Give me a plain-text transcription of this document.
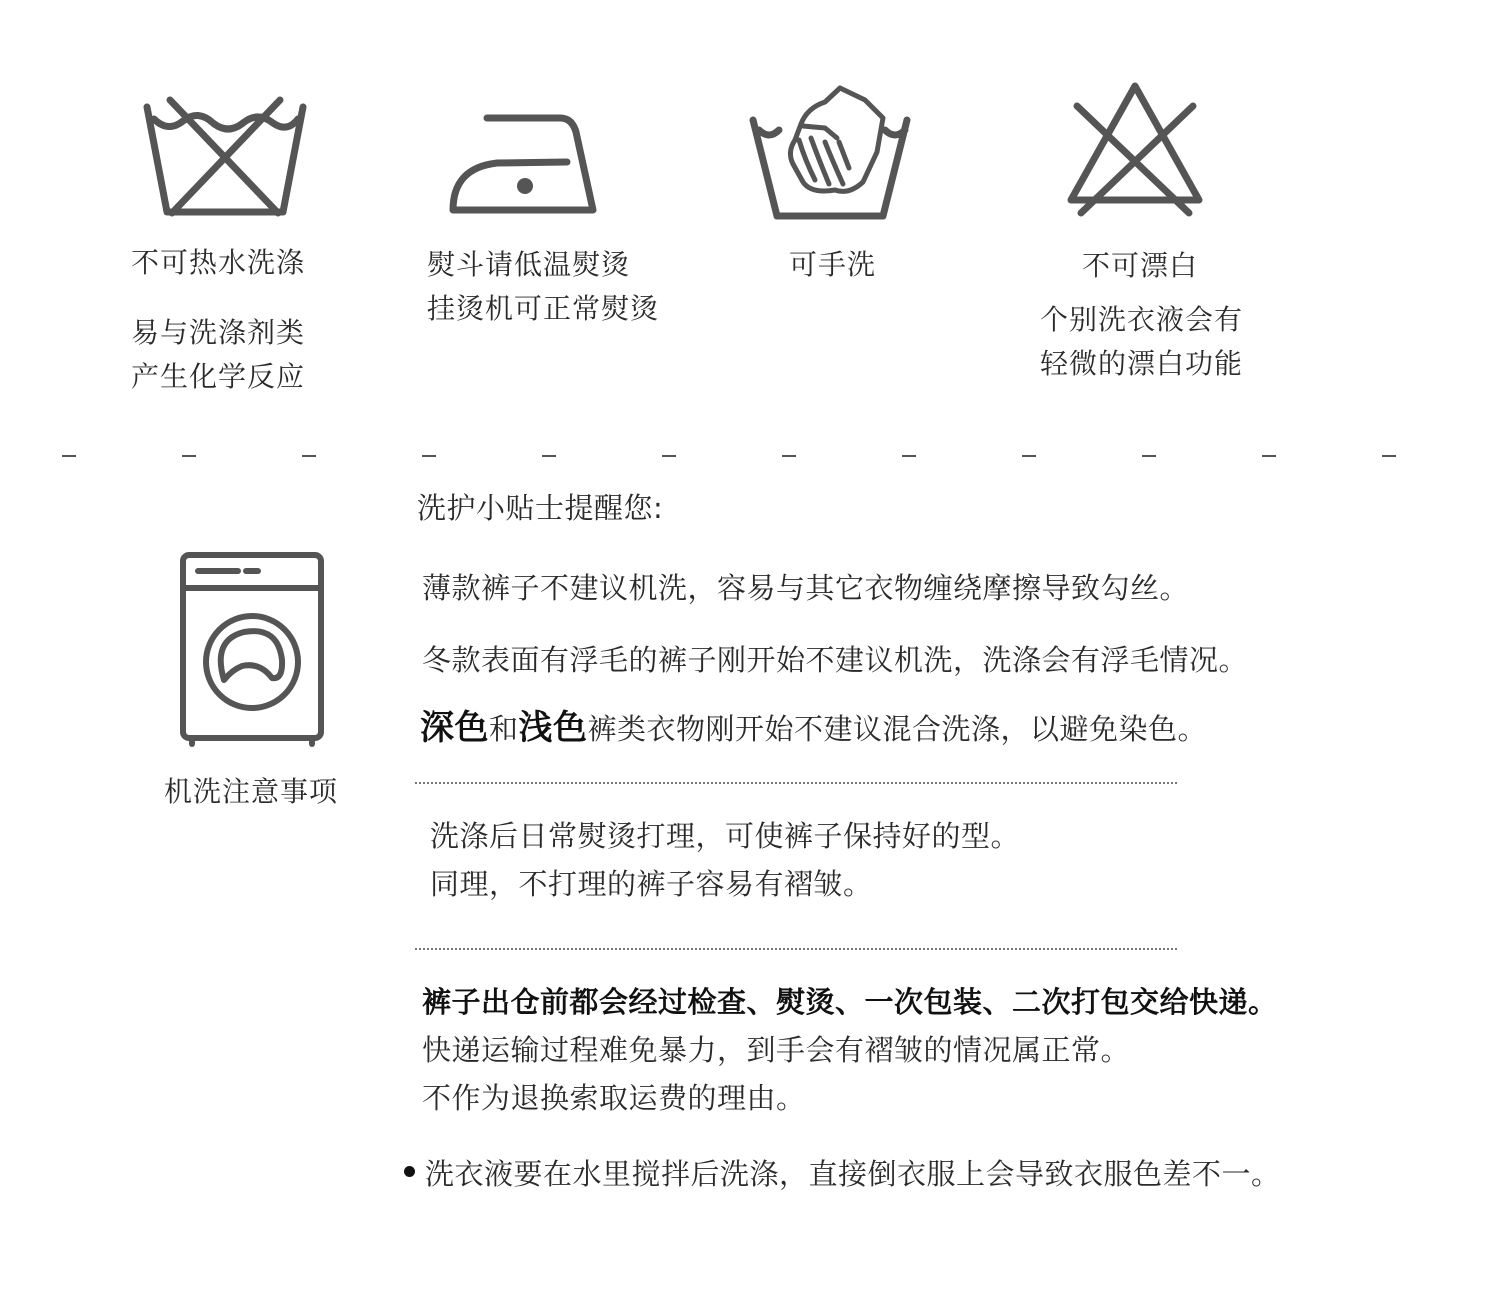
不可热水洗涤
易与洗涤剂类
产生化学反应
熨斗请低温熨烫
挂烫机可正常熨烫
可手洗	不可漂白
个别洗衣液会有
轻微的漂白功能
机洗注意事项
洗护小贴士提醒您:
薄款裤子不建议机洗，容易与其它衣物缠绕摩擦导致勾丝。
冬款表面有浮毛的裤子刚开始不建议机洗，洗涤会有浮毛情况。
深色和浅色裤类衣物刚开始不建议混合洗涤，以避免染色。
洗涤后日常熨烫打理，可使裤子保持好的型。
同理，不打理的裤子容易有褶皱。
裤子出仓前都会经过检查、熨烫、一次包装、二次打包交给快递。
快递运输过程难免暴力，到手会有褶皱的情况属正常。
不作为退换索取运费的理由。
洗衣液要在水里搅拌后洗涤，直接倒衣服上会导致衣服色差不一。
